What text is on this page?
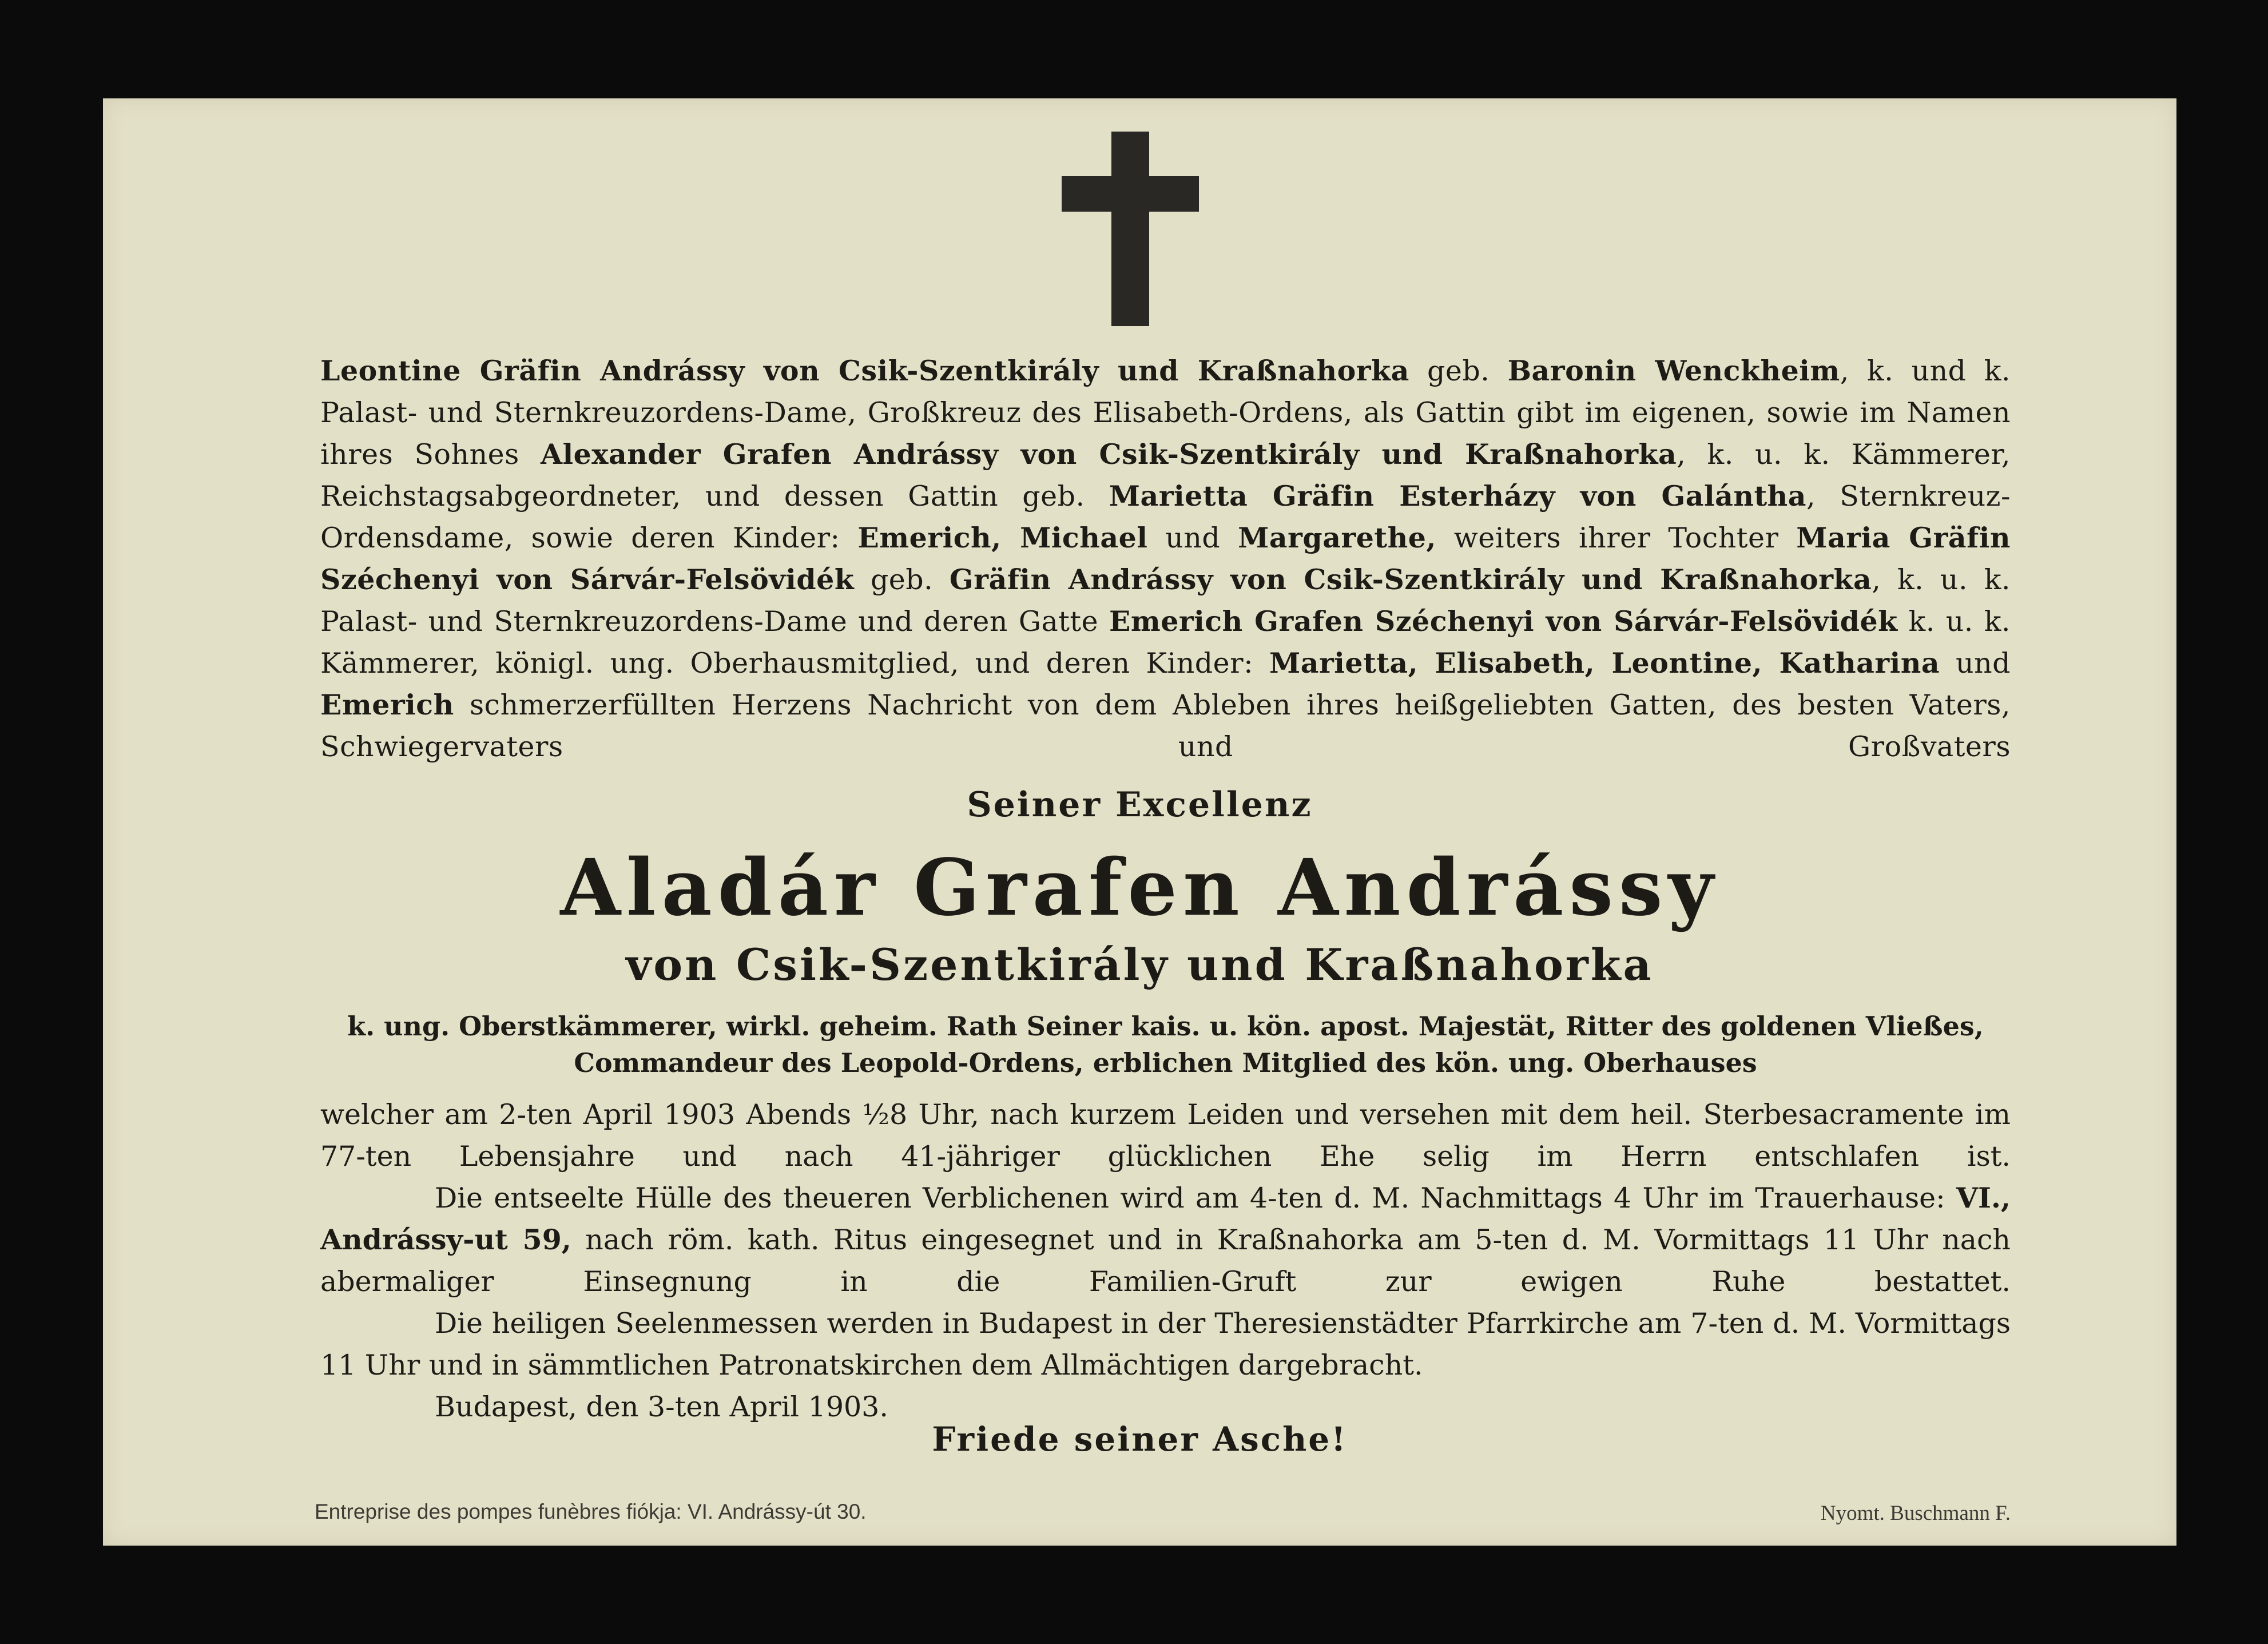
Leontine Gräfin Andrássy von Csik-Szentkirály und Kraßnahorka geb. Baronin Wenckheim, k. und k. Palast- und Sternkreuzordens-Dame, Großkreuz des Elisabeth-Ordens, als Gattin gibt im eigenen, sowie im Namen ihres Sohnes Alexander Grafen Andrássy von Csik-Szentkirály und Kraßnahorka, k. u. k. Kämmerer, Reichstagsabgeordneter, und dessen Gattin geb. Marietta Gräfin Esterházy von Galántha, Sternkreuz-Ordensdame, sowie deren Kinder: Emerich, Michael und Margarethe, weiters ihrer Tochter Maria Gräfin Széchenyi von Sárvár-Felsövidék geb. Gräfin Andrássy von Csik-Szentkirály und Kraßnahorka, k. u. k. Palast- und Sternkreuzordens-Dame und deren Gatte Emerich Grafen Széchenyi von Sárvár-Felsövidék k. u. k. Kämmerer, königl. ung. Oberhausmitglied, und deren Kinder: Marietta, Elisabeth, Leontine, Katharina und Emerich schmerzerfüllten Herzens Nachricht von dem Ableben ihres heißgeliebten Gatten, des besten Vaters, Schwiegervaters und Großvaters
Seiner Excellenz
Aladár Grafen Andrássy
von Csik-Szentkirály und Kraßnahorka
k. ung. Oberstkämmerer, wirkl. geheim. Rath Seiner kais. u. kön. apost. Majestät, Ritter des goldenen Vließes,
Commandeur des Leopold-Ordens, erblichen Mitglied des kön. ung. Oberhauses

welcher am 2-ten April 1903 Abends ½8 Uhr, nach kurzem Leiden und versehen mit dem heil. Sterbesacramente im 77-ten Lebensjahre und nach 41-jähriger glücklichen Ehe selig im Herrn entschlafen ist.

Die entseelte Hülle des theueren Verblichenen wird am 4-ten d. M. Nachmittags 4 Uhr im Trauerhause: VI., Andrássy-ut 59, nach röm. kath. Ritus eingesegnet und in Kraßnahorka am 5-ten d. M. Vormittags 11 Uhr nach abermaliger Einsegnung in die Familien-Gruft zur ewigen Ruhe bestattet.

Die heiligen Seelenmessen werden in Budapest in der Theresienstädter Pfarrkirche am 7-ten d. M. Vormittags 11 Uhr und in sämmtlichen Patronatskirchen dem Allmächtigen dargebracht.

Budapest, den 3-ten April 1903.

Friede seiner Asche!
Entreprise des pompes funèbres fiókja: VI. Andrássy-út 30.	Nyomt. Buschmann F.
